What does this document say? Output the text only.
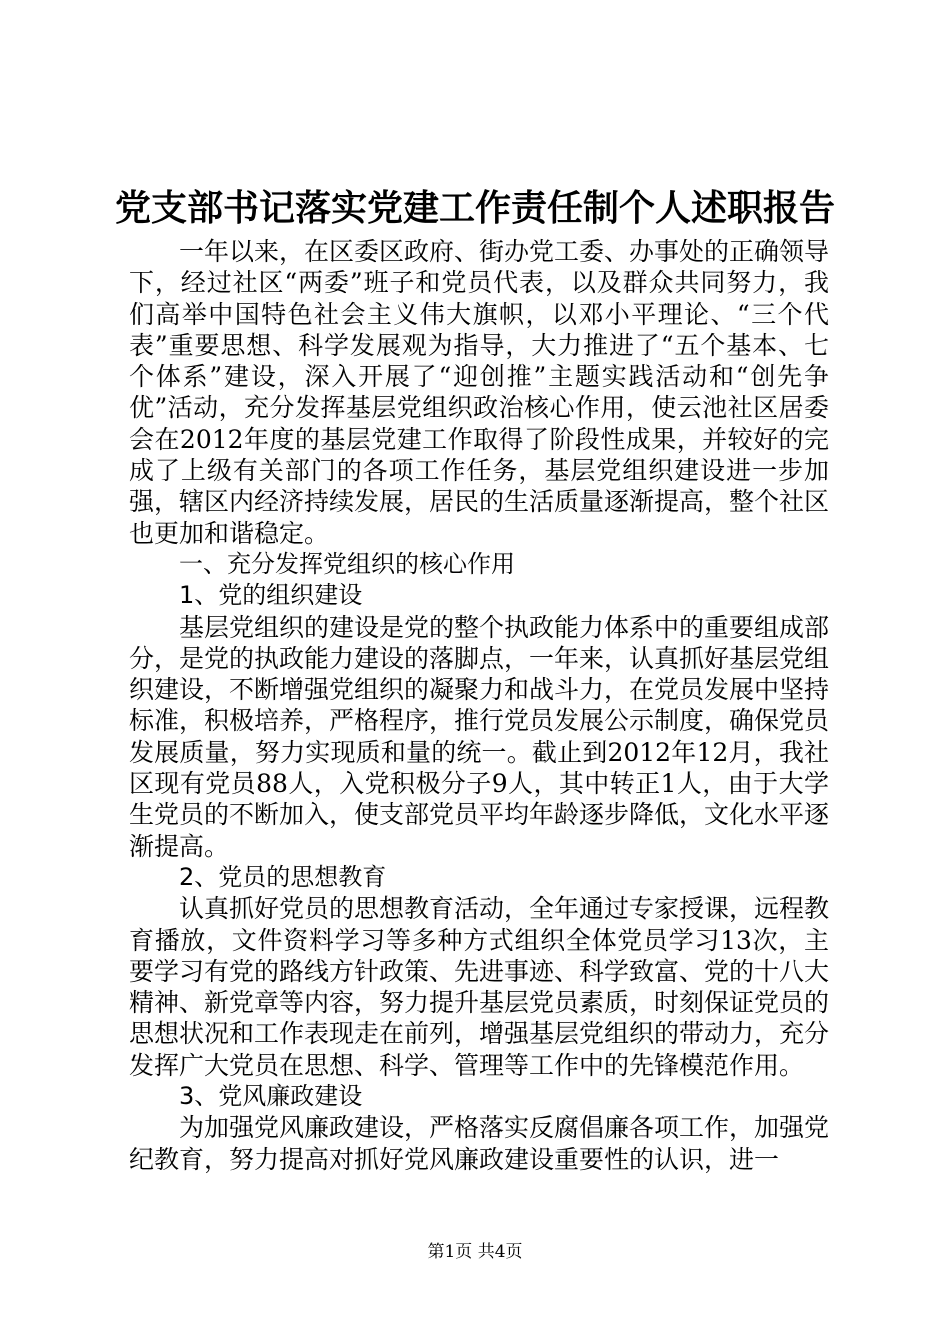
党支部书记落实党建工作责任制个人述职报告

一年以来，在区委区政府、街办党工委、办事处的正确领导下，经过社区“两委”班子和党员代表，以及群众共同努力，我们高举中国特色社会主义伟大旗帜，以邓小平理论、“三个代表”重要思想、科学发展观为指导，大力推进了“五个基本、七个体系”建设，深入开展了“迎创推”主题实践活动和“创先争优”活动，充分发挥基层党组织政治核心作用，使云池社区居委会在2012年度的基层党建工作取得了阶段性成果，并较好的完成了上级有关部门的各项工作任务，基层党组织建设进一步加强，辖区内经济持续发展，居民的生活质量逐渐提高，整个社区也更加和谐稳定。

一、充分发挥党组织的核心作用

1、党的组织建设

基层党组织的建设是党的整个执政能力体系中的重要组成部分，是党的执政能力建设的落脚点，一年来，认真抓好基层党组织建设，不断增强党组织的凝聚力和战斗力，在党员发展中坚持标准，积极培养，严格程序，推行党员发展公示制度，确保党员发展质量，努力实现质和量的统一。截止到2012年12月，我社区现有党员88人，入党积极分子9人，其中转正1人，由于大学生党员的不断加入，使支部党员平均年龄逐步降低，文化水平逐渐提高。

2、党员的思想教育

认真抓好党员的思想教育活动，全年通过专家授课，远程教育播放，文件资料学习等多种方式组织全体党员学习13次，主要学习有党的路线方针政策、先进事迹、科学致富、党的十八大精神、新党章等内容，努力提升基层党员素质，时刻保证党员的思想状况和工作表现走在前列，增强基层党组织的带动力，充分发挥广大党员在思想、科学、管理等工作中的先锋模范作用。

3、党风廉政建设

为加强党风廉政建设，严格落实反腐倡廉各项工作，加强党纪教育，努力提高对抓好党风廉政建设重要性的认识，进一

第1页 共4页
